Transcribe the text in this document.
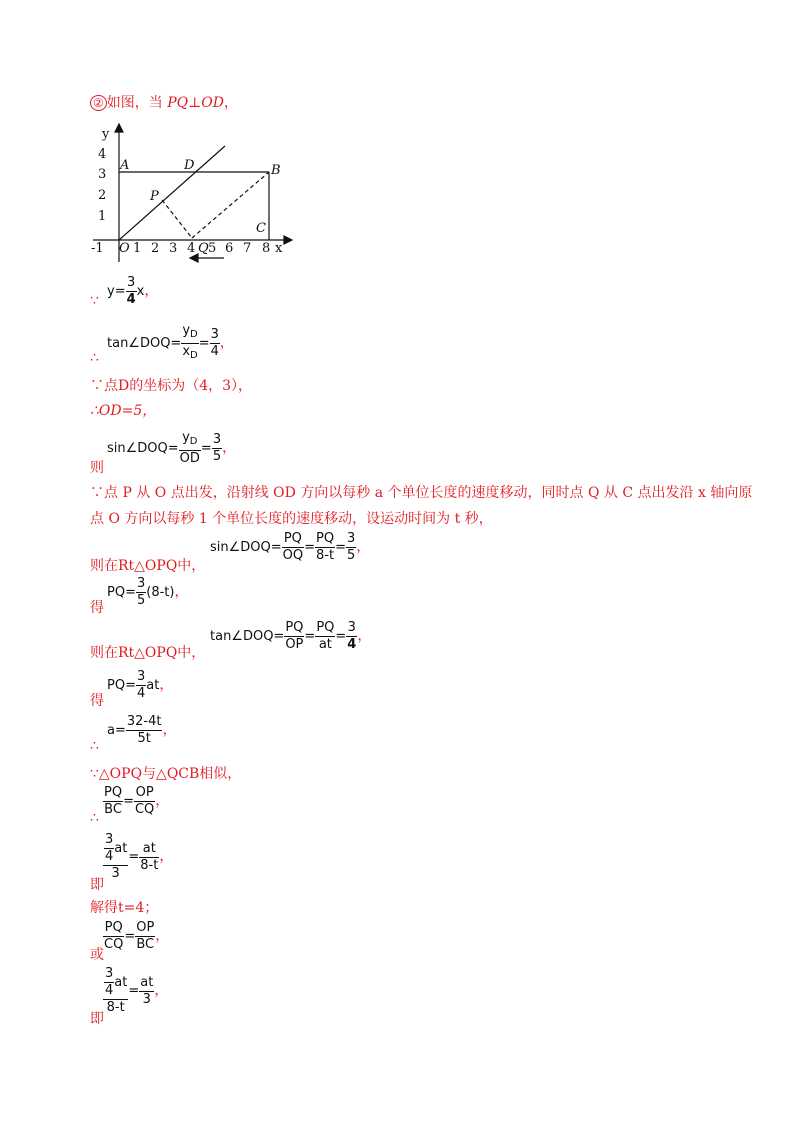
② 如图，当 PQ⊥OD，
y
4
3
2
1
-1 O 1 2 3 4 5 6 7 8 x
A	D	B
P
C
Q
∵
$y= \frac{3}{4}$ x，
∴
tan∠DOQ= $\frac{y_D}{x_D} = \frac{3}{4}$ ，
∵点D的坐标为（4，3），
∴OD=5，
则
sin∠DOQ= $\frac{y_D}{OD} = \frac{3}{5}$ ，
∵点 P 从 O 点出发，沿射线 OD 方向以每秒 a 个单位长度的速度移动，同时点 Q 从 C 点出发沿 x 轴向原
点 O 方向以每秒 1 个单位长度的速度移动，设运动时间为 t 秒，
则在Rt△OPQ中，
sin∠DOQ= $\frac{PQ}{OQ} = \frac{PQ}{8-t} = \frac{3}{5}$ ，
得
$PQ= \frac{3}{5} (8-t)$，
则在Rt△OPQ中，
tan∠DOQ= $\frac{PQ}{OP} = \frac{PQ}{at} = \frac{3}{4}$ ，
得
$PQ= \frac{3}{4}$ at，
∴
$a= \frac{32-4t}{5t}$ ，
∵△OPQ与△QCB相似，
∴ $\frac{PQ}{BC} = \frac{OP}{CQ}$ ，
即
$\frac{\frac{3}{4} at}{3} = \frac{at}{8-t}$ ，
解得t=4；
或
$\frac{PQ}{CQ} = \frac{OP}{BC}$ ，
即
$\frac{\frac{3}{4} at}{8-t} = \frac{at}{3}$ ，
